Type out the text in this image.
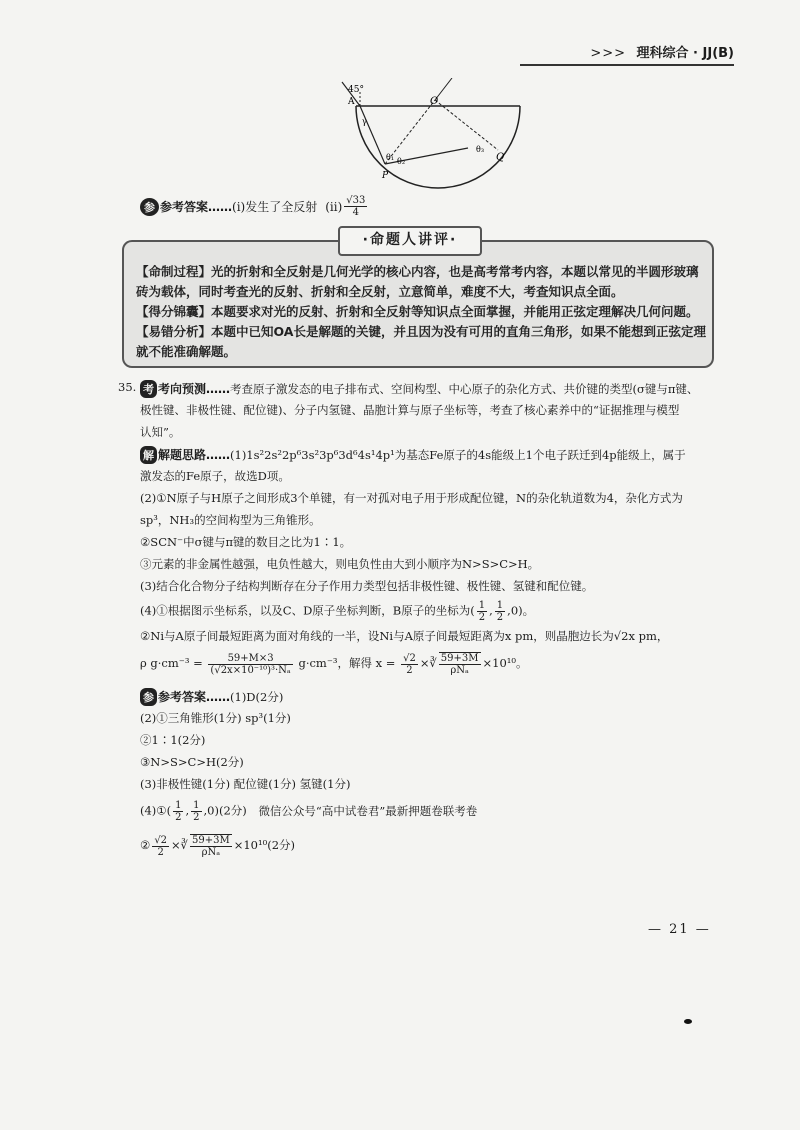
>>> 理科综合 · JJ(B)
45°
A	O
P
Q
θ₁ θ₂
θ₃
γ
参 参考答案…… (ⅰ)发生了全反射 (ⅱ) $\frac{√33}{4}$
·命题人讲评·
【命制过程】光的折射和全反射是几何光学的核心内容，也是高考常考内容，本题以常见的半圆形玻璃
砖为载体，同时考查光的反射、折射和全反射，立意简单，难度不大，考查知识点全面。
【得分锦囊】本题要求对光的反射、折射和全反射等知识点全面掌握，并能用正弦定理解决几何问题。
【易错分析】本题中已知OA长是解题的关键，并且因为没有可用的直角三角形，如果不能想到正弦定理
就不能准确解题。
35. 考 考向预测……考查原子激发态的电子排布式、空间构型、中心原子的杂化方式、共价键的类型(σ键与π键、
极性键、非极性键、配位键)、分子内氢键、晶胞计算与原子坐标等，考查了核心素养中的“证据推理与模型
认知”。
解 解题思路……(1)1s²2s²2p⁶3s²3p⁶3d⁶4s¹4p¹为基态Fe原子的4s能级上1个电子跃迁到4p能级上，属于
激发态的Fe原子，故选D项。
(2)①N原子与H原子之间形成3个单键，有一对孤对电子用于形成配位键，N的杂化轨道数为4，杂化方式为
sp³，NH₃的空间构型为三角锥形。
②SCN⁻中σ键与π键的数目之比为1∶1。
③元素的非金属性越强，电负性越大，则电负性由大到小顺序为N>S>C>H。
(3)结合化合物分子结构判断存在分子作用力类型包括非极性键、极性键、氢键和配位键。
(4)①根据图示坐标系，以及C、D原子坐标判断，B原子的坐标为( $\frac{1}{2}$ , $\frac{1}{2} ,0$)。
②Ni与A原子间最短距离为面对角线的一半，设Ni与A原子间最短距离为x pm，则晶胞边长为√2x pm，
ρ $g\cdot cm^{-3} = \frac{59+M\times 3}{\text{(√2x×10⁻¹⁰)³·Nₐ}} g\cdot cm^{-3}$，解得 $x = \frac{√2}{2}$ ×∛ $\frac{59+3M}{\text{ρNₐ}} \times 10^{10}$。
参 参考答案……(1)D(2分)
(2)①三角锥形(1分) sp³(1分)
②1∶1(2分)
③N>S>C>H(2分)
(3)非极性键(1分) 配位键(1分) 氢键(1分)
(4)①( $\frac{1}{2}$ , $\frac{1}{2} ,0)(2$分) 微信公众号“高中试卷君”最新押题卷联考卷
② $\frac{√2}{2}$ ×∛ $\frac{59+3M}{\text{ρNₐ}} \times 10^{10}(2$分)
— 21 —
